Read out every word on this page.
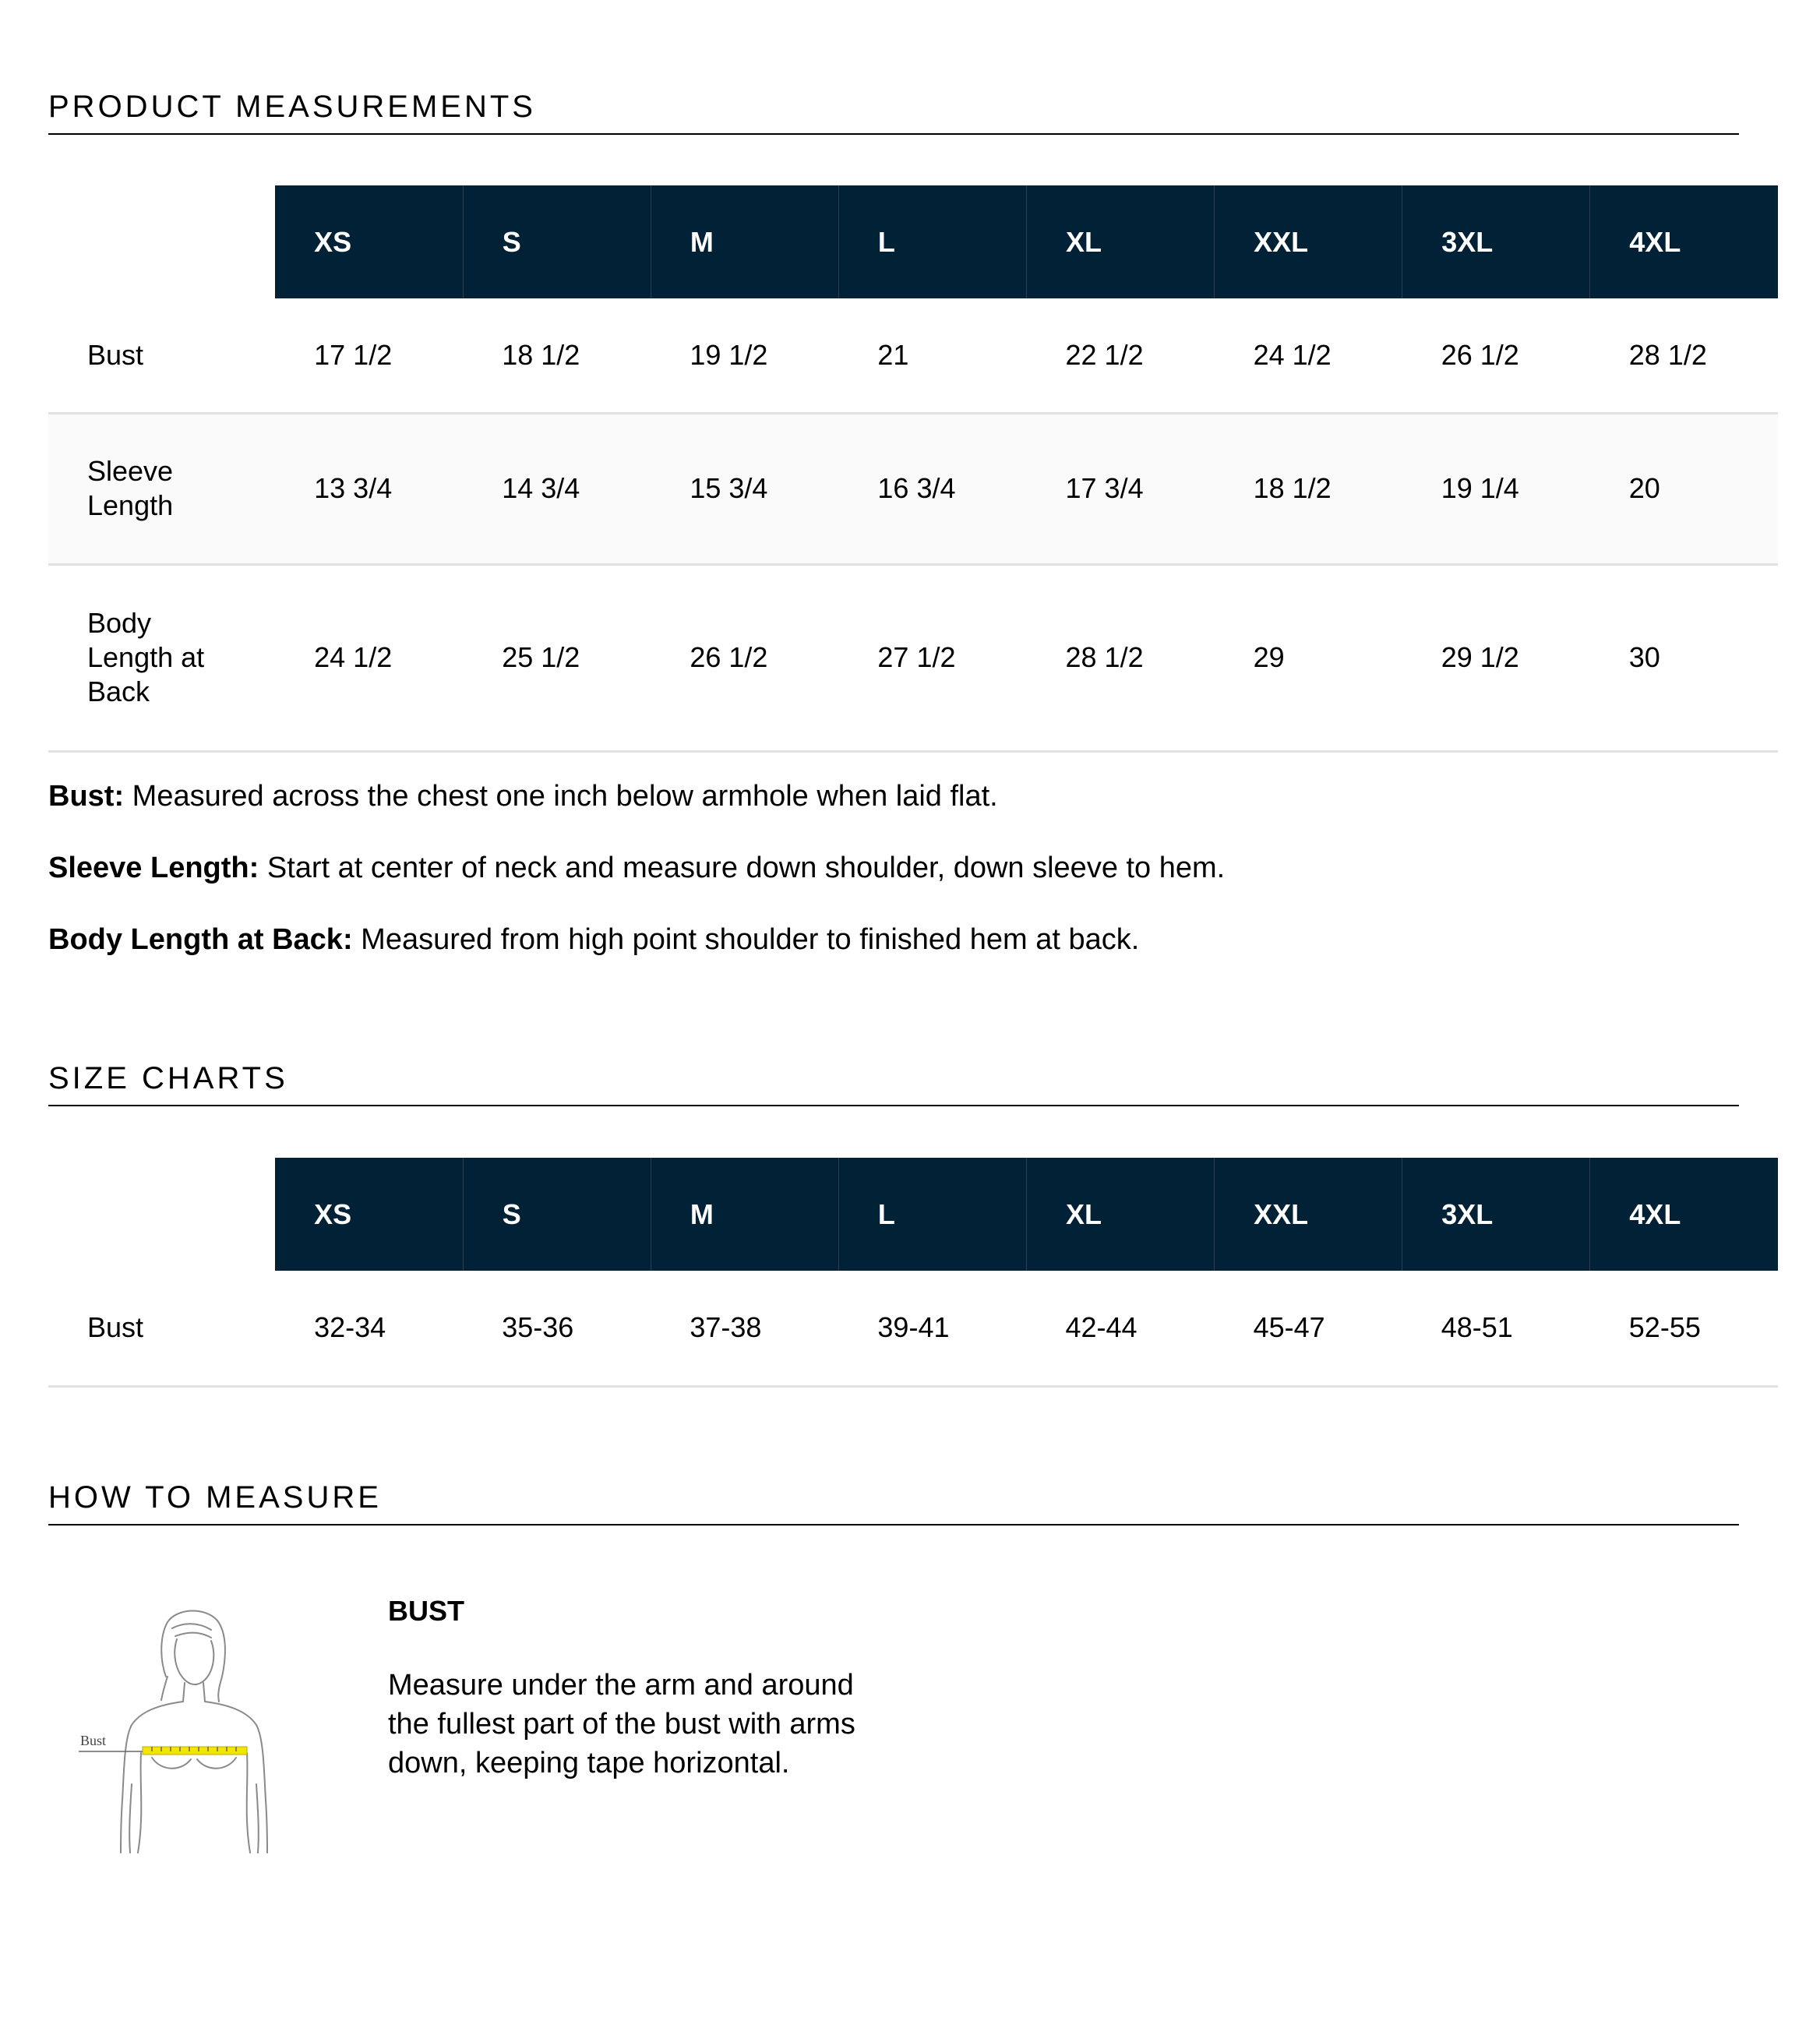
PRODUCT MEASUREMENTS
	XS	S	M	L	XL	XXL	3XL	4XL
Bust	17 1/2	18 1/2	19 1/2	21	22 1/2	24 1/2	26 1/2	28 1/2
Sleeve Length	13 3/4	14 3/4	15 3/4	16 3/4	17 3/4	18 1/2	19 1/4	20
Body Length at Back	24 1/2	25 1/2	26 1/2	27 1/2	28 1/2	29	29 1/2	30

Bust: Measured across the chest one inch below armhole when laid flat.

Sleeve Length: Start at center of neck and measure down shoulder, down sleeve to hem.

Body Length at Back: Measured from high point shoulder to finished hem at back.

SIZE CHARTS
	XS	S	M	L	XL	XXL	3XL	4XL
Bust	32-34	35-36	37-38	39-41	42-44	45-47	48-51	52-55
HOW TO MEASURE
Bust
BUST
Measure under the arm and around the fullest part of the bust with arms down, keeping tape horizontal.
